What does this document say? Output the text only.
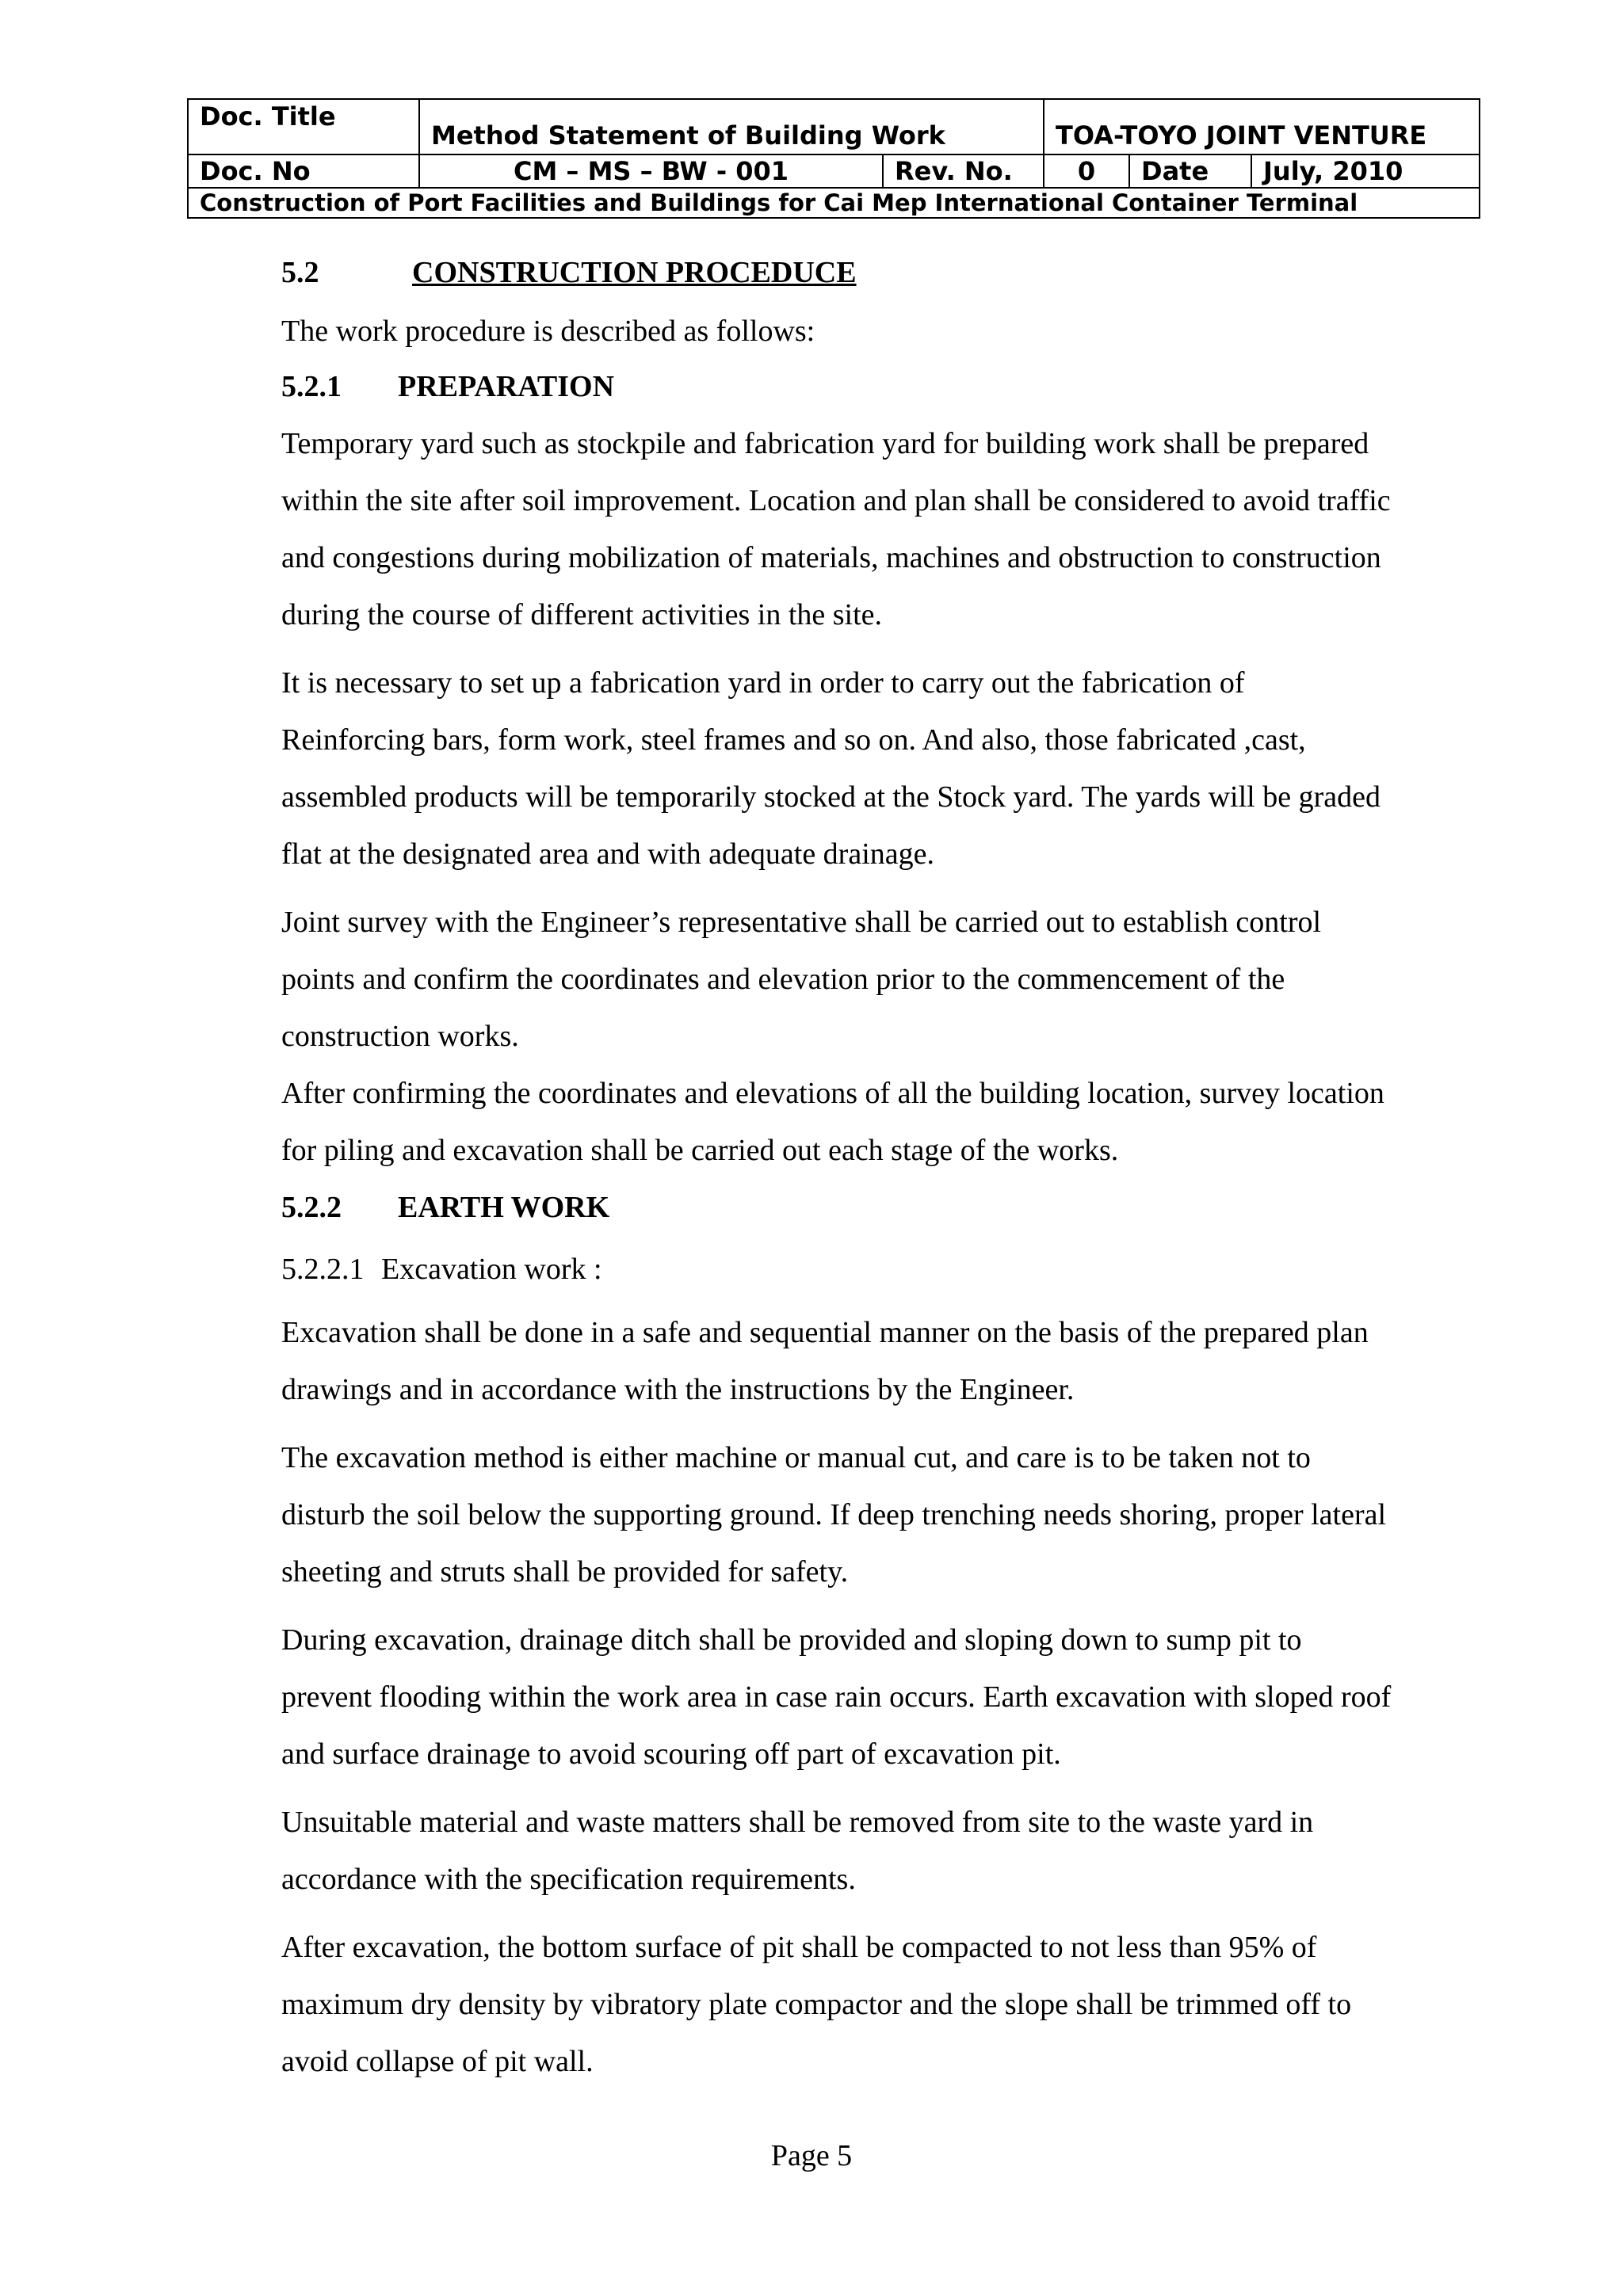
Doc. Title	Method Statement of Building Work		TOA-TOYO JOINT VENTURE		
Doc. No	CM – MS – BW - 001	Rev. No.	0	Date	July, 2010
Construction of Port Facilities and Buildings for Cai Mep International Container Terminal					
5.2	CONSTRUCTION PROCEDUCE
The work procedure is described as follows:
5.2.1 PREPARATION
Temporary yard such as stockpile and fabrication yard for building work shall be prepared
within the site after soil improvement. Location and plan shall be considered to avoid traffic
and congestions during mobilization of materials, machines and obstruction to construction
during the course of different activities in the site.
It is necessary to set up a fabrication yard in order to carry out the fabrication of
Reinforcing bars, form work, steel frames and so on. And also, those fabricated ,cast,
assembled products will be temporarily stocked at the Stock yard. The yards will be graded
flat at the designated area and with adequate drainage.
Joint survey with the Engineer’s representative shall be carried out to establish control
points and confirm the coordinates and elevation prior to the commencement of the
construction works.
After confirming the coordinates and elevations of all the building location, survey location
for piling and excavation shall be carried out each stage of the works.
5.2.2 EARTH WORK
5.2.2.1 Excavation work :
Excavation shall be done in a safe and sequential manner on the basis of the prepared plan
drawings and in accordance with the instructions by the Engineer.
The excavation method is either machine or manual cut, and care is to be taken not to
disturb the soil below the supporting ground. If deep trenching needs shoring, proper lateral
sheeting and struts shall be provided for safety.
During excavation, drainage ditch shall be provided and sloping down to sump pit to
prevent flooding within the work area in case rain occurs. Earth excavation with sloped roof
and surface drainage to avoid scouring off part of excavation pit.
Unsuitable material and waste matters shall be removed from site to the waste yard in
accordance with the specification requirements.
After excavation, the bottom surface of pit shall be compacted to not less than 95% of
maximum dry density by vibratory plate compactor and the slope shall be trimmed off to
avoid collapse of pit wall.
Page 5
